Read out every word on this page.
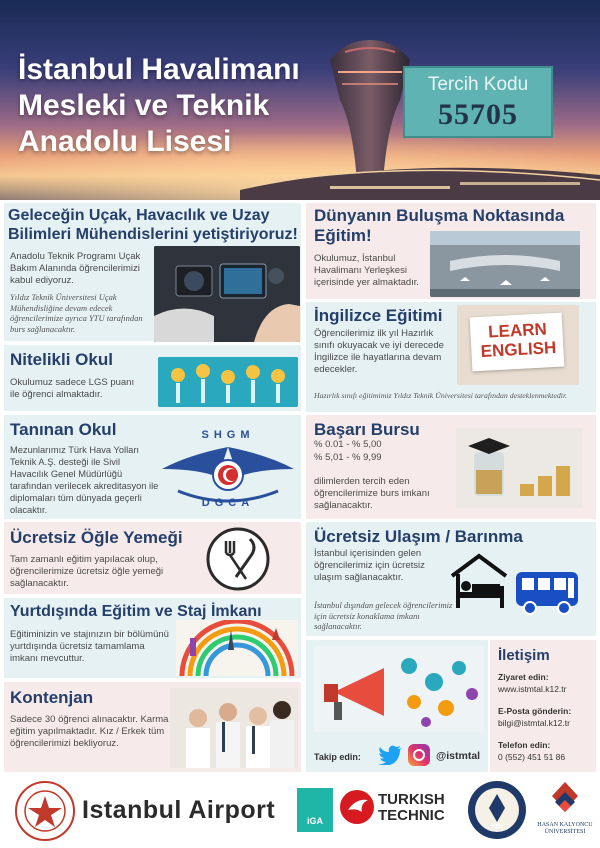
İstanbul Havalimanı
Mesleki ve Teknik
Anadolu Lisesi
Tercih Kodu
55705
Geleceğin Uçak, Havacılık ve Uzay
Bilimleri Mühendislerini yetiştiriyoruz!
Anadolu Teknik Programı Uçak Bakım Alanında öğrencilerimizi kabul ediyoruz.
Yıldız Teknik Üniversitesi Uçak Mühendisliğine devam edecek öğrencilerimize ayrıca YTU tarafından burs sağlanacaktır.
Nitelikli Okul
Okulumuz sadece LGS puanı ile öğrenci almaktadır.
Tanınan Okul
Mezunlarımız Türk Hava Yolları Teknik A.Ş. desteği ile Sivil Havacılık Genel Müdürlüğü tarafından verilecek akreditasyon ile diplomaları tüm dünyada geçerli olacaktır.
SHGM
DGCA
Ücretsiz Öğle Yemeği
Tam zamanlı eğitim yapılacak olup, öğrencilerimize ücretsiz öğle yemeği sağlanacaktır.
Yurtdışında Eğitim ve Staj İmkanı
Eğitiminizin ve stajınızın bir bölümünü yurtdışında ücretsiz tamamlama imkanı mevcuttur.
Kontenjan
Sadece 30 öğrenci alınacaktır. Karma eğitim yapılmaktadır. Kız / Erkek tüm öğrencilerimizi bekliyoruz.
Dünyanın Buluşma Noktasında
Eğitim!
Okulumuz, İstanbul Havalimanı Yerleşkesi içerisinde yer almaktadır.
İngilizce Eğitimi
Öğrencilerimiz ilk yıl Hazırlık sınıfı okuyacak ve iyi derecede İngilizce ile hayatlarına devam edecekler.
Hazırlık sınıfı eğitimimiz Yıldız Teknik Üniversitesi tarafından desteklenmektedir.
LEARN
ENGLISH
Başarı Bursu
% 0.01 - % 5,00
% 5,01 - % 9,99
dilimlerden tercih eden öğrencilerimize burs imkanı sağlanacaktır.
Ücretsiz Ulaşım / Barınma
İstanbul içerisinden gelen öğrencilerimiz için ücretsiz ulaşım sağlanacaktır.
İstanbul dışından gelecek öğrencilerimiz için ücretsiz konaklama imkanı sağlanacaktır.
Takip edin:	@istmtal
İletişim
Ziyaret edin:
www.istmtal.k12.tr
E-Posta gönderin:
bilgi@istmtal.k12.tr
Telefon edin:
0 (552) 451 51 86
Istanbul Airport	iGA
TURKISH
TECHNIC
1911	HASAN KALYONCU
ÜNİVERSİTESİ
